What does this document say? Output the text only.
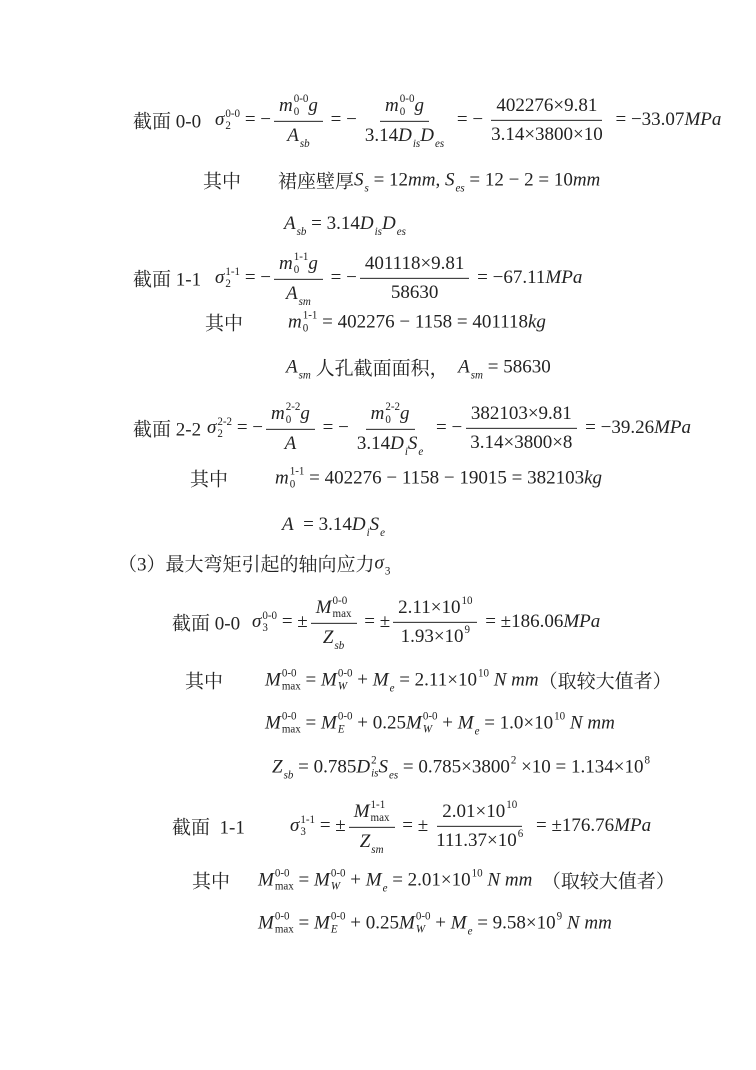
截面 0-0 σ 0-0
2 = − m 0-0
0 g
A sb = − m 0-0
0 g
3.14 D is D es = − $\frac{402276\times 9.81}{3.14\times 3800\times 10} = -33.07$ MPa
其中 裙座壁厚 S s = 12 mm , S es = 12 − 2 = 10 mm
A sb = 3.14 D is D es
截面 1-1 σ 1-1
2 = − m 1-1
0 g
A sm = − $\frac{401118\times 9.81}{58630} = -67.11$ MPa
其中 m 1-1
0 = 402276 − 1158 = 401118 kg
A sm 人孔截面面积，
A sm = 58630
截面 2-2 σ 2-2
2 = − m 2-2
0 g
A = − m 2-2
0 g
3.14 D i S e = − $\frac{382103\times 9.81}{3.14\times 3800\times 8} = -39.26$ MPa
其中 m 1-1
0 = 402276 − 1158 − 19015 = 382103 kg
A = 3.14 D i S e
（3）最大弯矩引起的轴向应力 σ 3
截面 0-0 σ 0-0
3 = ± M 0-0
max
Z sb = ± $\frac{2.11\times 10 10}{1.93\times 10 9} = \pm 186.06$ MPa
其中 M 0-0
max = M 0-0
W + M e = 2.11× 10 10
N
mm （取较大值者）
M 0-0
max = M 0-0
E + 0.25 M 0-0
W + M e = 1.0× 10 10
N
mm
Z sb = 0.785 D 2
is S es = 0.785× 3800 2 ×10 = 1.134× 10 8
截面  1-1 σ 1-1
3 = ± M 1-1
max
Z sm = ± $\frac{2.01\times 10 10}{111.37\times 10 6} = \pm 176.76$ MPa
其中 M 0-0
max = M 0-0
W + M e = 2.01× 10 10
N
mm
（取较大值者）
M 0-0
max = M 0-0
E + 0.25 M 0-0
W + M e = 9.58× 10 9
N
mm
